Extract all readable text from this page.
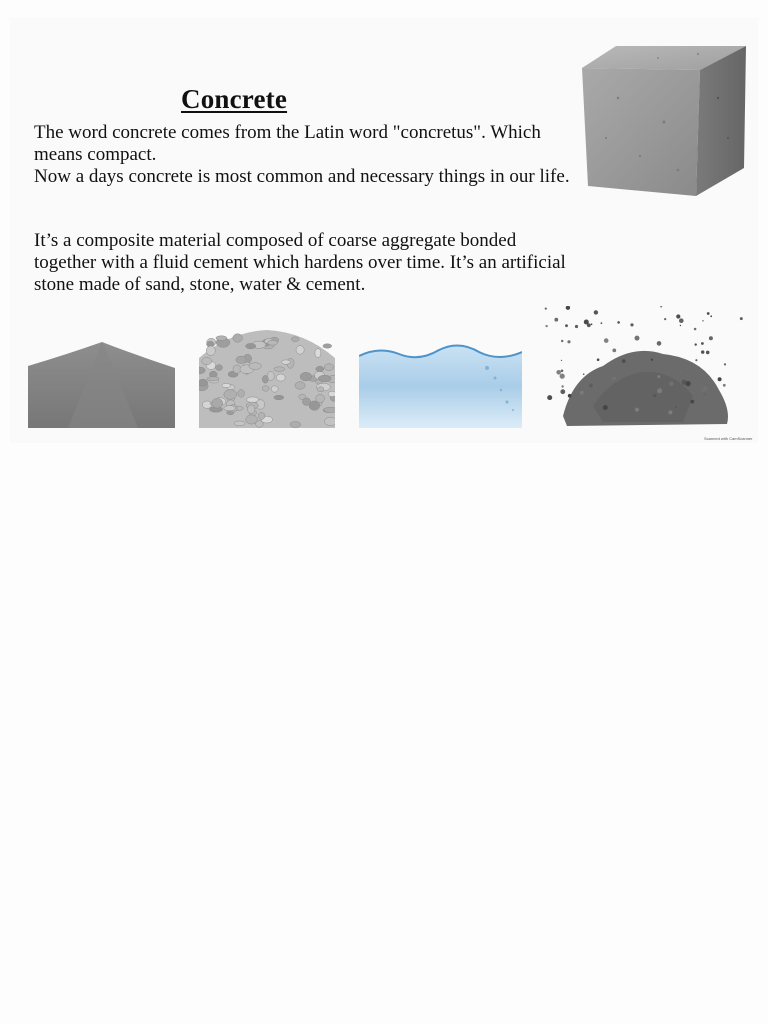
Concrete

The word concrete comes from the Latin word "concretus". Which
means compact.
Now a days concrete is most common and necessary things in our life.

It’s a composite material composed of coarse aggregate bonded
together with a fluid cement which hardens over time. It’s an artificial
stone made of sand, stone, water & cement.

Scanned with CamScanner
